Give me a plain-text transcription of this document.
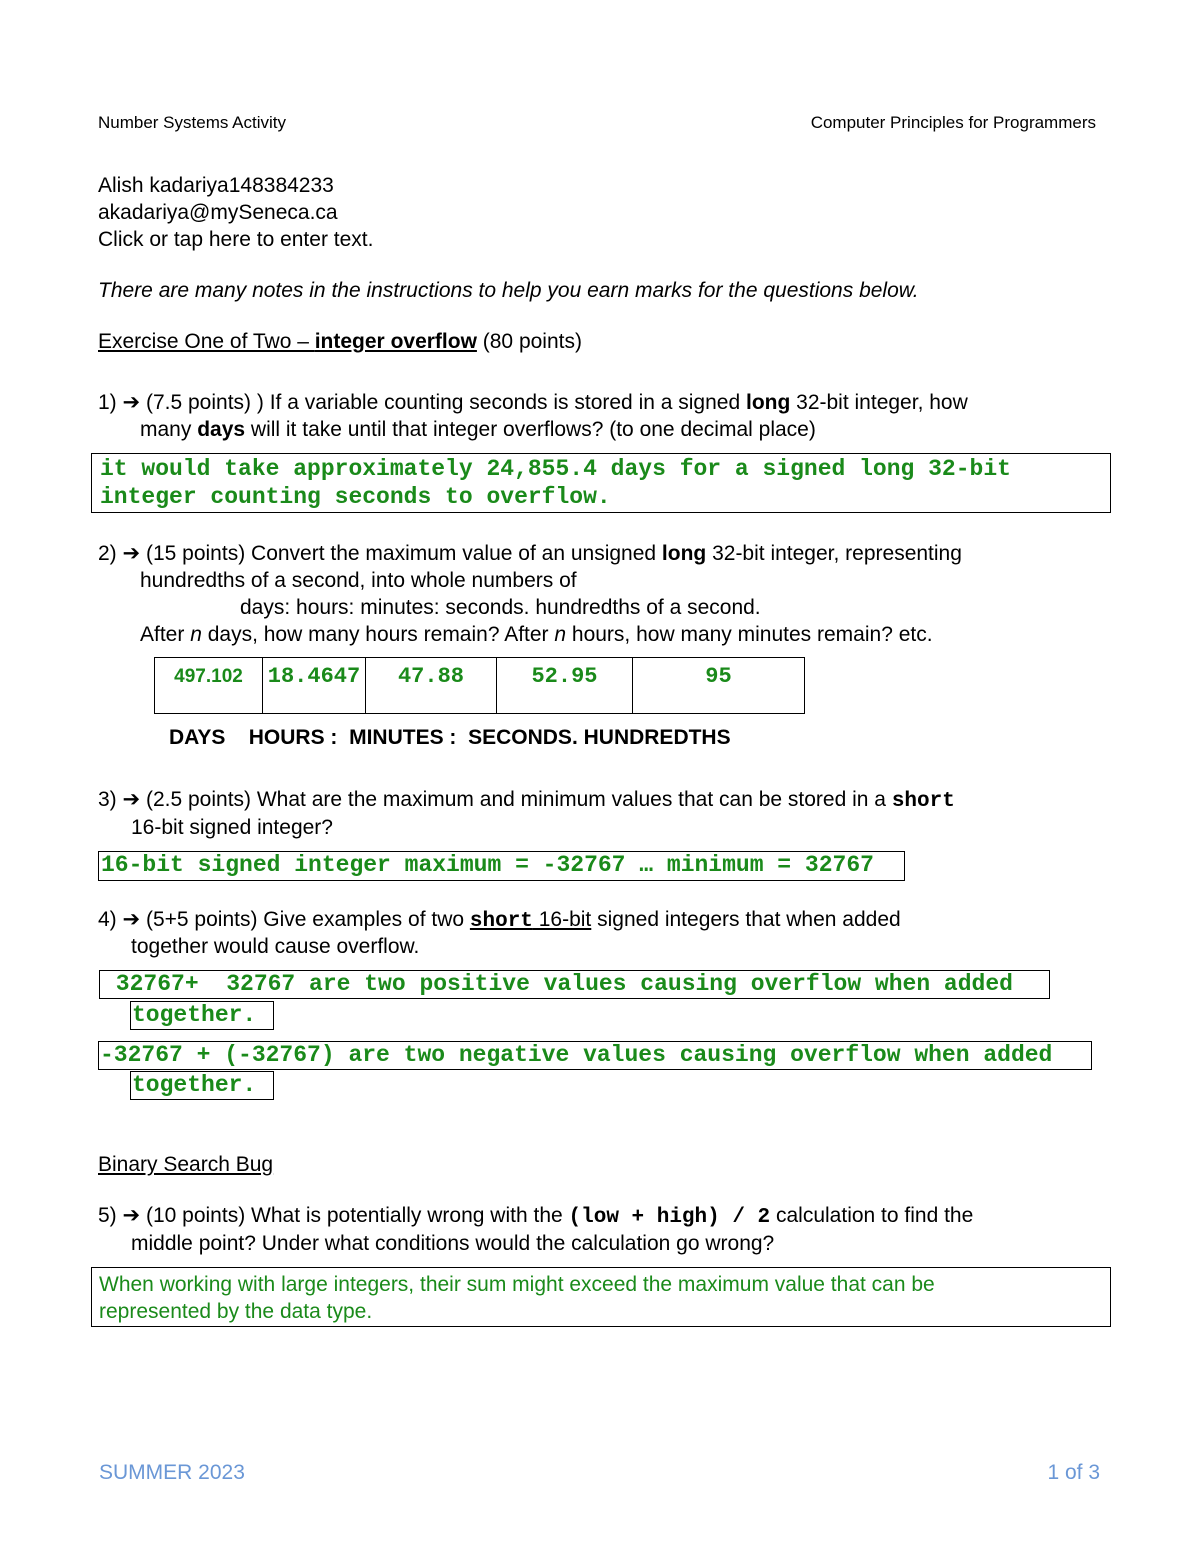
Number Systems Activity	Computer Principles for Programmers
Alish kadariya148384233
akadariya@mySeneca.ca
Click or tap here to enter text.
There are many notes in the instructions to help you earn marks for the questions below.
Exercise One of Two – integer overflow (80 points)
1) ➔ (7.5 points) ) If a variable counting seconds is stored in a signed long 32-bit integer, how
many days will it take until that integer overflows? (to one decimal place)
it would take approximately 24,855.4 days for a signed long 32-bit
integer counting seconds to overflow.
2) ➔ (15 points) Convert the maximum value of an unsigned long 32-bit integer, representing
hundredths of a second, into whole numbers of
days: hours: minutes: seconds. hundredths of a second.
After n days, how many hours remain? After n hours, how many minutes remain? etc.
497.102	18.4647	47.88	52.95	95
DAYS    HOURS :  MINUTES :  SECONDS. HUNDREDTHS
3) ➔ (2.5 points) What are the maximum and minimum values that can be stored in a short
16-bit signed integer?
16-bit signed integer maximum = -32767 … minimum = 32767
4) ➔ (5+5 points) Give examples of two short 16-bit signed integers that when added
together would cause overflow.
32767+  32767 are two positive values causing overflow when added
together.
-32767 + (-32767) are two negative values causing overflow when added
together.
Binary Search Bug
5) ➔ (10 points) What is potentially wrong with the (low + high) / 2 calculation to find the
middle point? Under what conditions would the calculation go wrong?
When working with large integers, their sum might exceed the maximum value that can be
represented by the data type.
SUMMER 2023	1 of 3
